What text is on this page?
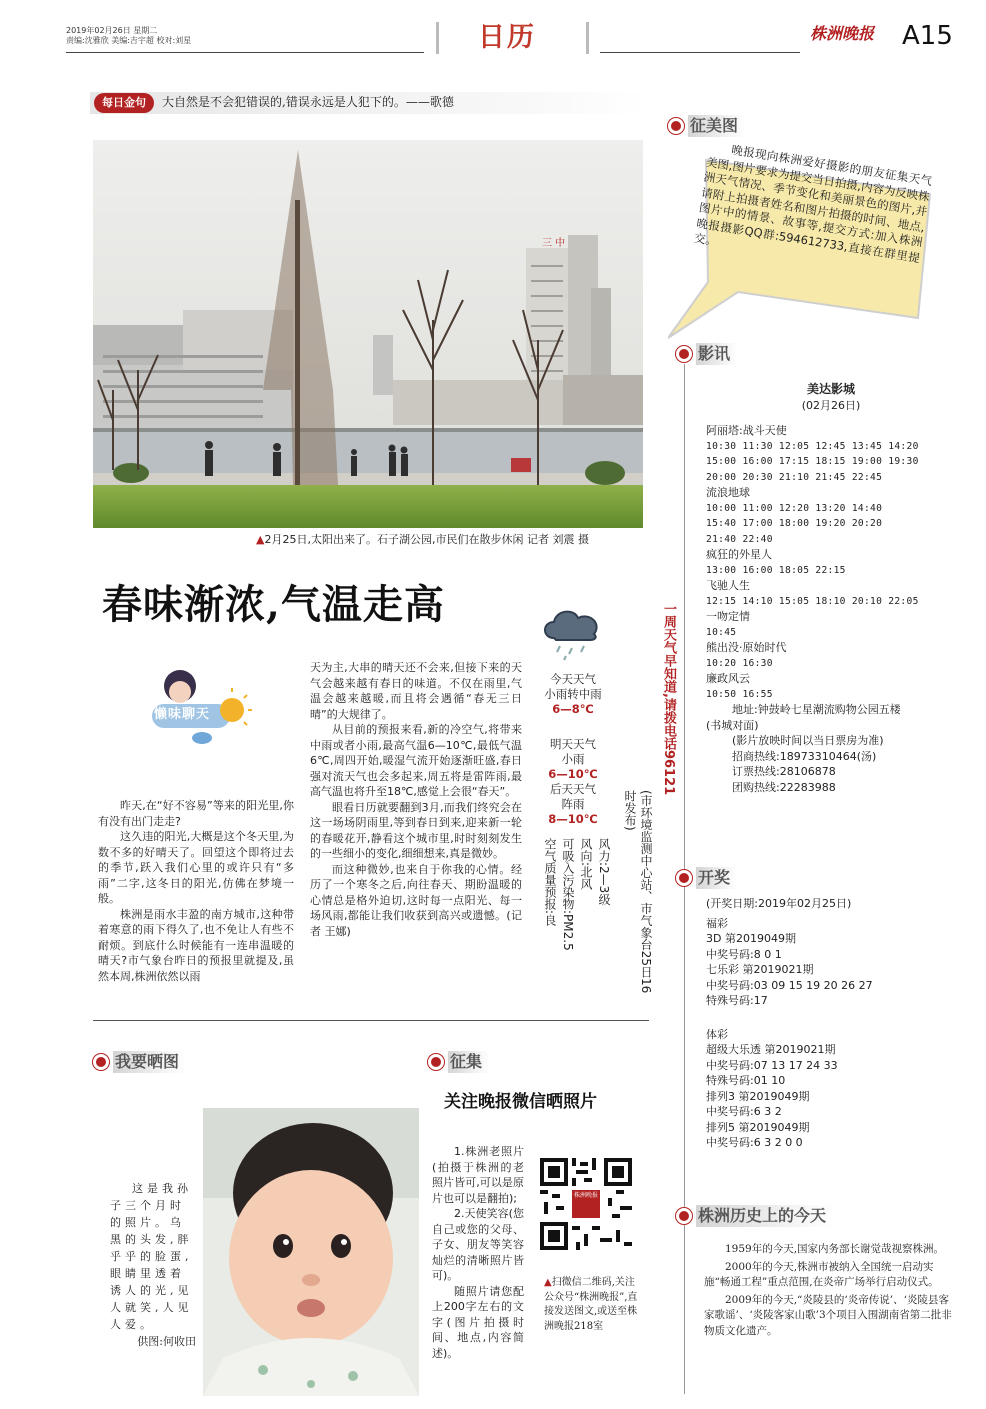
2019年02月26日 星期二
责编:沈雅欣 美编:吉宇超 校对:刘星	日历	株洲晚报 A15
每日金句	大自然是不会犯错误的,错误永远是人犯下的。——歌德
三 中
▲2月25日,太阳出来了。石子湖公园,市民们在散步休闲 记者 刘震 摄
春味渐浓,气温走高
懒味聊天

昨天,在“好不容易”等来的阳光里,你有没有出门走走?

这久违的阳光,大概是这个冬天里,为数不多的好晴天了。回望这个即将过去的季节,跃入我们心里的或许只有“多雨”二字,这冬日的阳光,仿佛在梦境一般。

株洲是雨水丰盈的南方城市,这种带着寒意的雨下得久了,也不免让人有些不耐烦。到底什么时候能有一连串温暖的晴天?市气象台昨日的预报里就提及,虽然本周,株洲依然以雨

天为主,大串的晴天还不会来,但接下来的天气会越来越有春日的味道。不仅在雨里,气温会越来越暖,而且将会遇循“春无三日晴”的大规律了。

从目前的预报来看,新的冷空气,将带来中雨或者小雨,最高气温6—10℃,最低气温6℃,周四开始,暖湿气流开始逐渐旺盛,春日强对流天气也会多起来,周五将是雷阵雨,最高气温也将升至18℃,感觉上会很“春天”。

眼看日历就要翻到3月,而我们终究会在这一场场阴雨里,等到春日到来,迎来新一轮的春暖花开,静看这个城市里,时时刻刻发生的一些细小的变化,细细想来,真是微妙。

而这种微妙,也来自于你我的心情。经历了一个寒冬之后,向往春天、期盼温暖的心情总是格外迫切,这时每一点阳光、每一场风雨,都能让我们收获到高兴或遗憾。(记者 王娜)

今天天气
小雨转中雨
6—8℃
明天天气
小雨
6—10℃
后天天气
阵雨
8—10℃
风力:2—3级
风向:北风
可吸入污染物:PM2.5
空气质量预报:良
一周天气早知道,请拨电话96121
(市环境监测中心站、市气象台25日16时发布)
征美图

晚报现向株洲爱好摄影的朋友征集天气美图,图片要求为提交当日拍摄,内容为反映株洲天气情况、季节变化和美丽景色的图片,并请附上拍摄者姓名和图片拍摄的时间、地点,图片中的情景、故事等,提交方式:加入株洲晚报摄影QQ群:594612733,直接在群里提交。

影讯
美达影城
(02月26日)
阿丽塔:战斗天使
10:30 11:30 12:05 12:45 13:45 14:20
15:00 16:00 17:15 18:15 19:00 19:30
20:00 20:30 21:10 21:45 22:45
流浪地球
10:00 11:00 12:20 13:20 14:40
15:40 17:00 18:00 19:20 20:20
21:40 22:40
疯狂的外星人
13:00 16:00 18:05 22:15
飞驰人生
12:15 14:10 15:05 18:10 20:10 22:05
一吻定情
10:45
熊出没·原始时代
10:20 16:30
廉政风云
10:50 16:55
地址:钟鼓岭七星潮流购物公园五楼
(书城对面)
(影片放映时间以当日票房为准)
招商热线:18973310464(汤)
订票热线:28106878
团购热线:22283988
开奖
(开奖日期:2019年02月25日)
福彩
3D 第2019049期
中奖号码:8 0 1
七乐彩 第2019021期
中奖号码:03 09 15 19 20 26 27
特殊号码:17
体彩
超级大乐透 第2019021期
中奖号码:07 13 17 24 33
特殊号码:01 10
排列3 第2019049期
中奖号码:6 3 2
排列5 第2019049期
中奖号码:6 3 2 0 0
株洲历史上的今天

1959年的今天,国家内务部长谢觉哉视察株洲。

2000年的今天,株洲市被纳入全国统一启动实施“畅通工程”重点范围,在炎帝广场举行启动仪式。

2009年的今天,“炎陵县的‘炎帝传说’、‘炎陵县客家歌谣’、‘炎陵客家山歌’3个项目入围湖南省第二批非物质文化遗产。

我要晒图
这是我孙子三个月时的照片。乌黑的头发,胖乎乎的脸蛋,眼睛里透着诱人的光,见人就笑,人见人爱。
供图:何收田
征集
关注晚报微信晒照片

1.株洲老照片(拍摄于株洲的老照片皆可,可以是原片也可以是翻拍);

2.天使笑容(您自己或您的父母、子女、朋友等笑容灿烂的清晰照片皆可)。

随照片请您配上200字左右的文字(图片拍摄时间、地点,内容简述)。

株洲晚报
▲扫微信二维码,关注公众号“株洲晚报”,直接发送图文,或送至株洲晚报218室
